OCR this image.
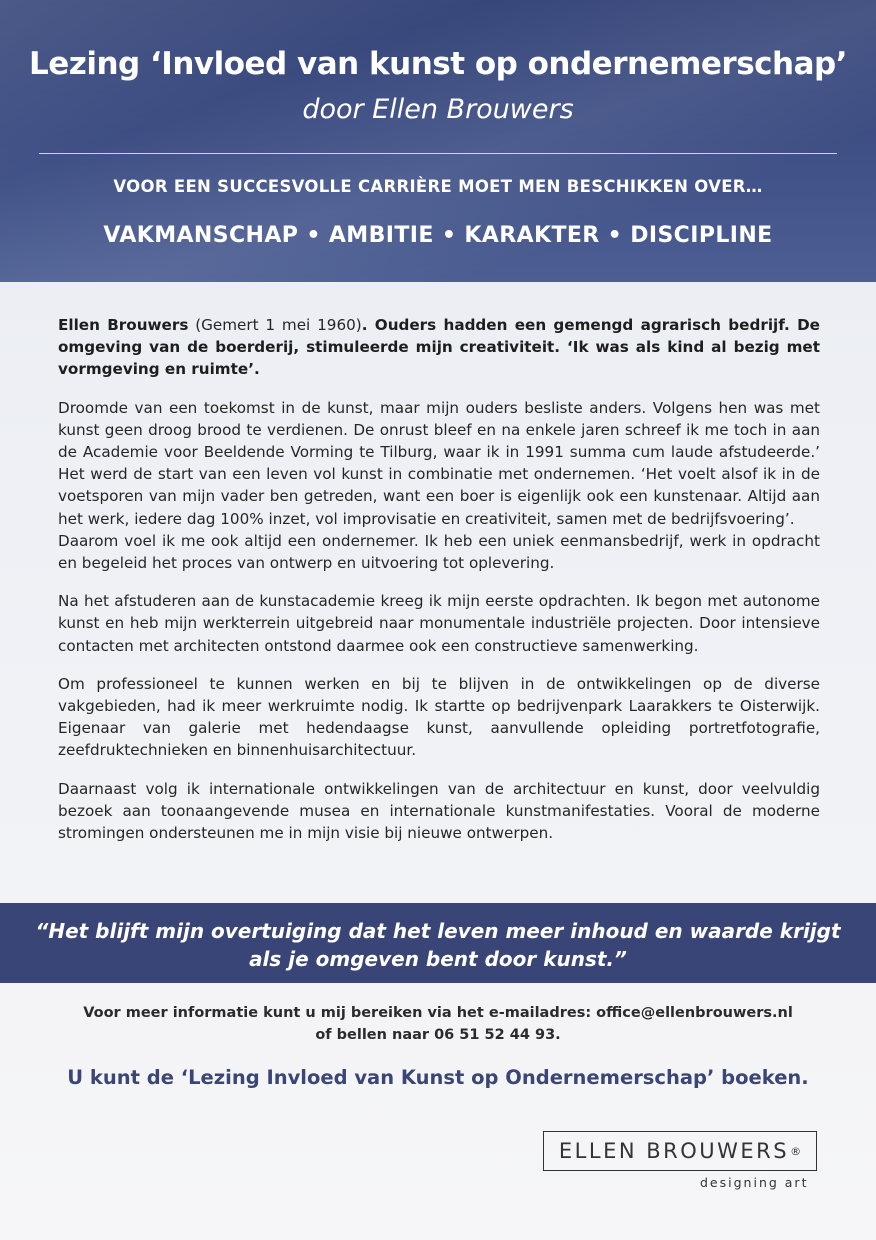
Lezing ‘Invloed van kunst op ondernemerschap’
door Ellen Brouwers
VOOR EEN SUCCESVOLLE CARRIÈRE MOET MEN BESCHIKKEN OVER…
VAKMANSCHAP • AMBITIE • KARAKTER • DISCIPLINE

Ellen Brouwers (Gemert 1 mei 1960). Ouders hadden een gemengd agrarisch bedrijf. De omgeving van de boerderij, stimuleerde mijn creativiteit. ‘Ik was als kind al bezig met vormgeving en ruimte’.

Droomde van een toekomst in de kunst, maar mijn ouders besliste anders. Volgens hen was met kunst geen droog brood te verdienen. De onrust bleef en na enkele jaren schreef ik me toch in aan de Academie voor Beeldende Vorming te Tilburg, waar ik in 1991 summa cum laude afstudeerde.’ Het werd de start van een leven vol kunst in combinatie met ondernemen. ‘Het voelt alsof ik in de voetsporen van mijn vader ben getreden, want een boer is eigenlijk ook een kunstenaar. Altijd aan het werk, iedere dag 100% inzet, vol improvisatie en creativiteit, samen met de bedrijfsvoering’.

Daarom voel ik me ook altijd een ondernemer. Ik heb een uniek eenmansbedrijf, werk in opdracht en begeleid het proces van ontwerp en uitvoering tot oplevering.

Na het afstuderen aan de kunstacademie kreeg ik mijn eerste opdrachten. Ik begon met autonome kunst en heb mijn werkterrein uitgebreid naar monumentale industriële projecten. Door intensieve contacten met architecten ontstond daarmee ook een constructieve samenwerking.

Om professioneel te kunnen werken en bij te blijven in de ontwikkelingen op de diverse vakgebieden, had ik meer werkruimte nodig. Ik startte op bedrijvenpark Laarakkers te Oisterwijk. Eigenaar van galerie met hedendaagse kunst, aanvullende opleiding portretfotografie, zeefdruktechnieken en binnenhuisarchitectuur.

Daarnaast volg ik internationale ontwikkelingen van de architectuur en kunst, door veelvuldig bezoek aan toonaangevende musea en internationale kunstmanifestaties. Vooral de moderne stromingen ondersteunen me in mijn visie bij nieuwe ontwerpen.

“Het blijft mijn overtuiging dat het leven meer inhoud en waarde krijgt
als je omgeven bent door kunst.”
Voor meer informatie kunt u mij bereiken via het e-mailadres: office@ellenbrouwers.nl
of bellen naar 06 51 52 44 93.
U kunt de ‘Lezing Invloed van Kunst op Ondernemerschap’ boeken.
ELLEN BROUWERS ®
designing art
